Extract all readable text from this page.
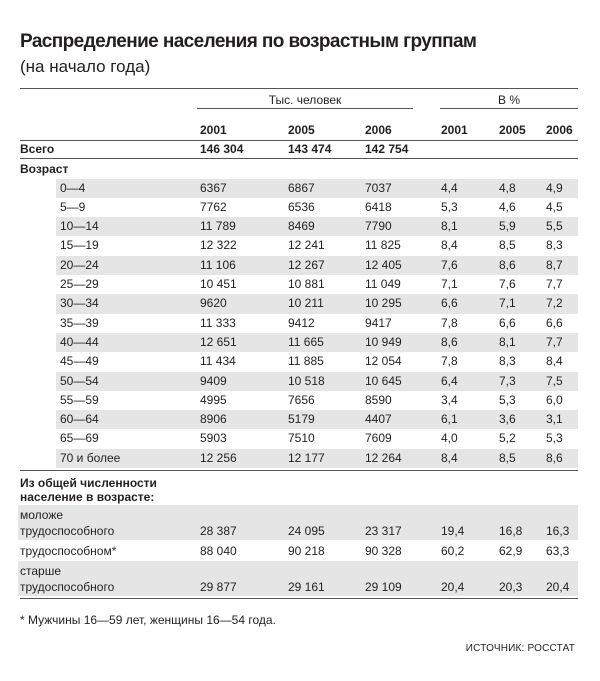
Распределение населения по возрастным группам
(на начало года)
Тыс. человек	В %
2001	2005	2006	2001	2005 2006
Всего	146 304	143 474	142 754
Возраст
0—4	6367	6867	7037	4,4	4,8	4,9
5—9	7762	6536	6418	5,3	4,6	4,5
10—14	11 789	8469	7790	8,1	5,9	5,5
15—19	12 322	12 241	11 825	8,4	8,5	8,3
20—24	11 106	12 267	12 405	7,6	8,6	8,7
25—29	10 451	10 881	11 049	7,1	7,6	7,7
30—34	9620	10 211	10 295	6,6	7,1	7,2
35—39	11 333	9412	9417	7,8	6,6	6,6
40—44	12 651	11 665	10 949	8,6	8,1	7,7
45—49	11 434	11 885	12 054	7,8	8,3	8,4
50—54	9409	10 518	10 645	6,4	7,3	7,5
55—59	4995	7656	8590	3,4	5,3	6,0
60—64	8906	5179	4407	6,1	3,6	3,1
65—69	5903	7510	7609	4,0	5,2	5,3
70 и более	12 256	12 177	12 264	8,4	8,5	8,6
Из общей численности
население в возрасте:
моложе
трудоспособного	28 387	24 095	23 317	19,4	16,8 16,3
трудоспособном*	88 040	90 218	90 328	60,2	62,9 63,3
старше
трудоспособного	29 877	29 161	29 109	20,4	20,3 20,4
* Мужчины 16—59 лет, женщины 16—54 года.
ИСТОЧНИК: РОССТАТ
